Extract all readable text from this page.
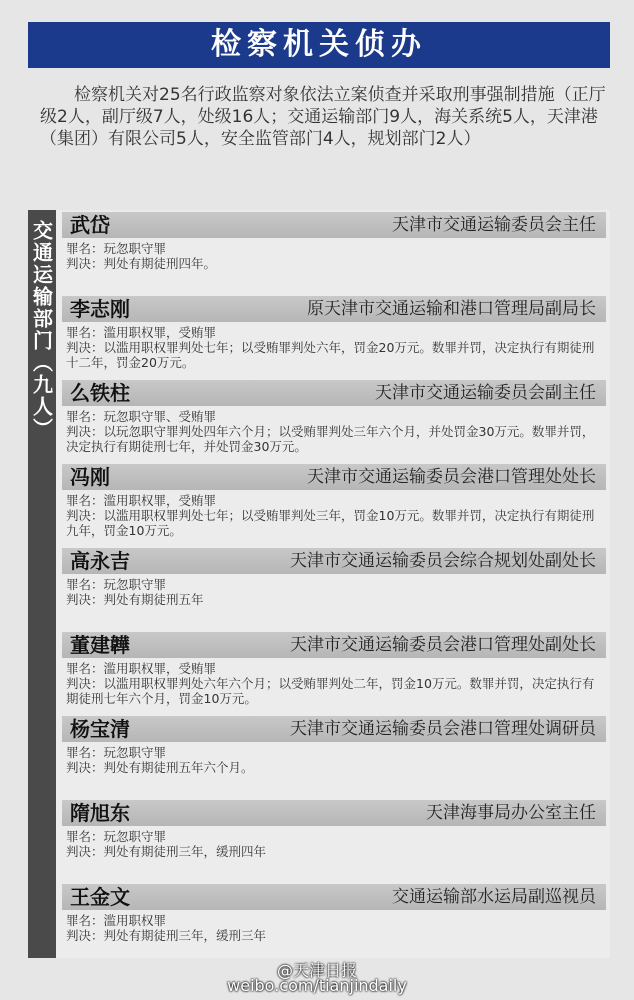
检察机关侦办

检察机关对25名行政监察对象依法立案侦查并采取刑事强制措施（正厅级2人，副厅级7人，处级16人；交通运输部门9人，海关系统5人，天津港（集团）有限公司5人，安全监管部门4人，规划部门2人）

交通运输部门（九人） 武岱	天津市交通运输委员会主任
罪名：玩忽职守罪
判决：判处有期徒刑四年。
李志刚	原天津市交通运输和港口管理局副局长
罪名：滥用职权罪，受贿罪
判决：以滥用职权罪判处七年；以受贿罪判处六年，罚金20万元。数罪并罚，决定执行有期徒刑十二年，罚金20万元。
么铁柱	天津市交通运输委员会副主任
罪名：玩忽职守罪、受贿罪
判决：以玩忽职守罪判处四年六个月；以受贿罪判处三年六个月，并处罚金30万元。数罪并罚，决定执行有期徒刑七年，并处罚金30万元。
冯刚	天津市交通运输委员会港口管理处处长
罪名：滥用职权罪，受贿罪
判决：以滥用职权罪判处七年；以受贿罪判处三年，罚金10万元。数罪并罚，决定执行有期徒刑九年，罚金10万元。
高永吉	天津市交通运输委员会综合规划处副处长
罪名：玩忽职守罪
判决：判处有期徒刑五年
董建韡	天津市交通运输委员会港口管理处副处长
罪名：滥用职权罪，受贿罪
判决：以滥用职权罪判处六年六个月；以受贿罪判处二年，罚金10万元。数罪并罚，决定执行有期徒刑七年六个月，罚金10万元。
杨宝清	天津市交通运输委员会港口管理处调研员
罪名：玩忽职守罪
判决：判处有期徒刑五年六个月。
隋旭东	天津海事局办公室主任
罪名：玩忽职守罪
判决：判处有期徒刑三年，缓刑四年
王金文	交通运输部水运局副巡视员
罪名：滥用职权罪
判决：判处有期徒刑三年，缓刑三年
@天津日报
weibo.com/tianjindaily
